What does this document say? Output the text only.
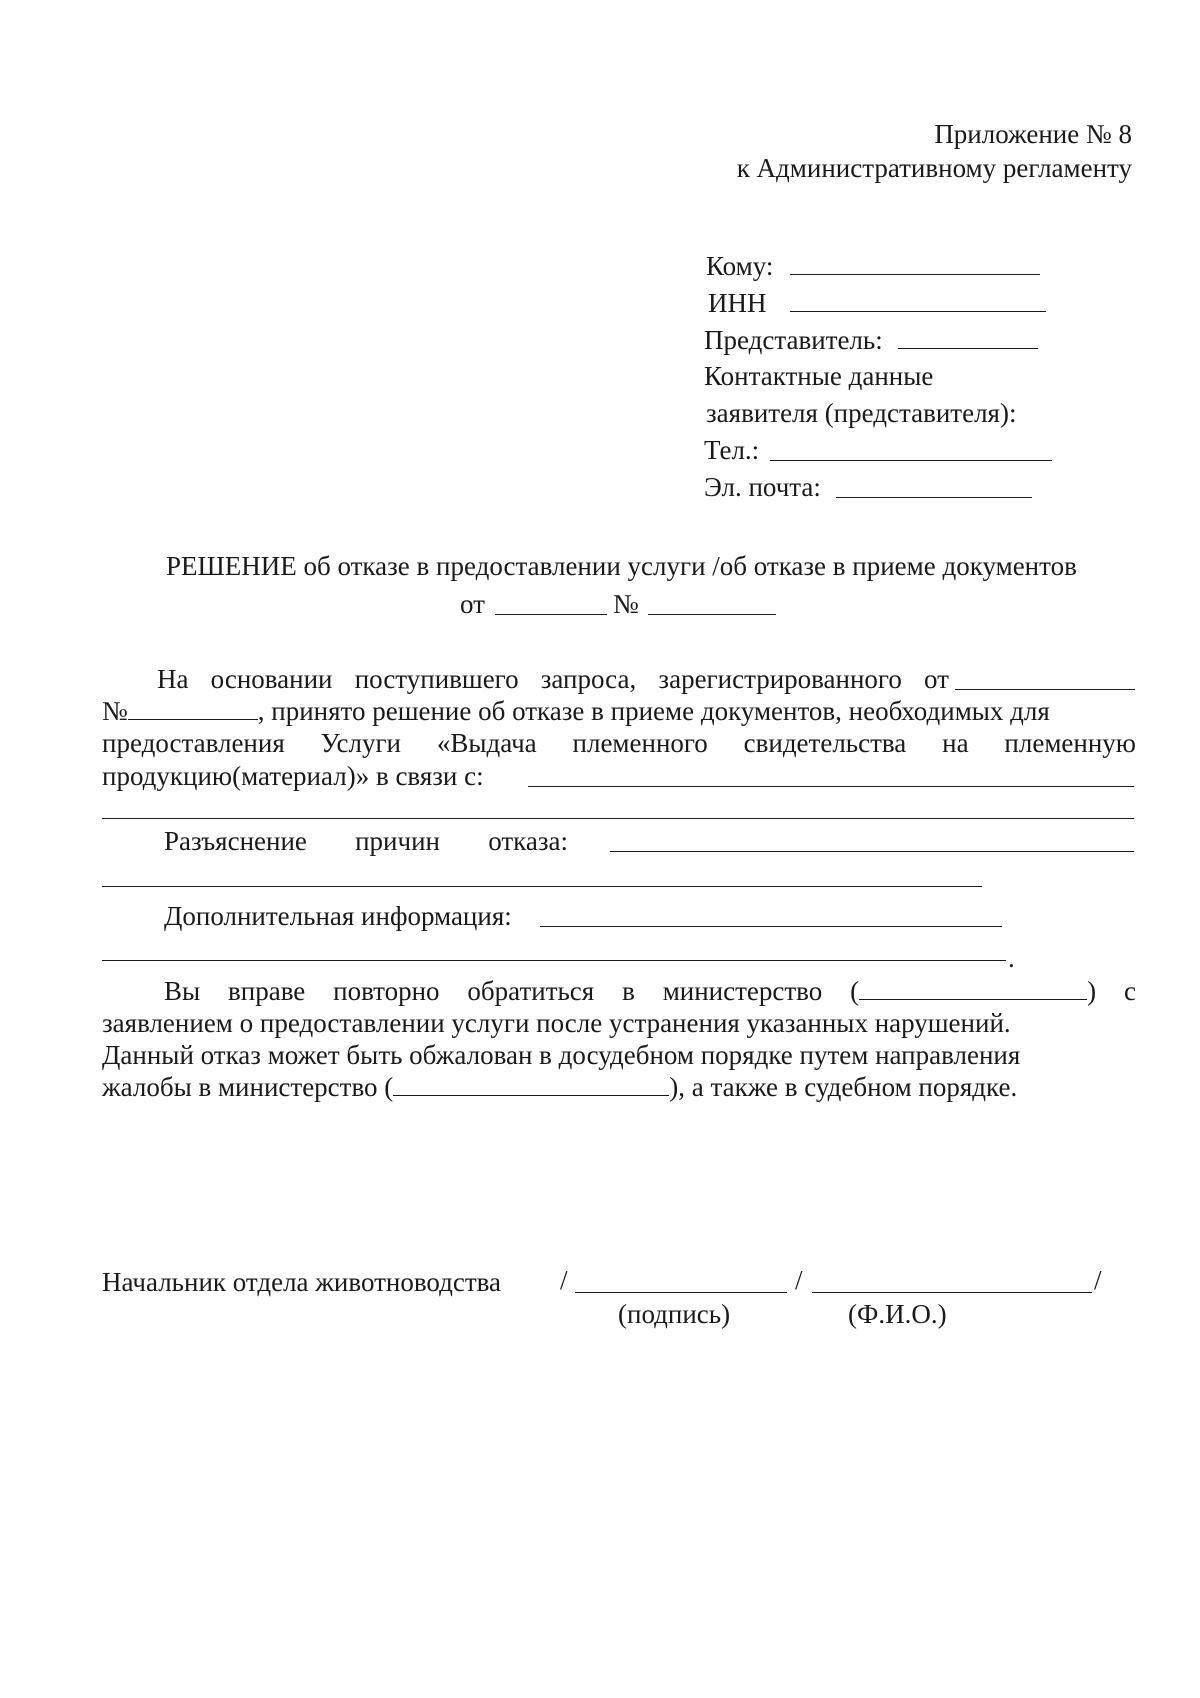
Приложение № 8
к Административному регламенту
Кому:
ИНН
Представитель:
Контактные данные
заявителя (представителя):
Тел.:
Эл. почта:
РЕШЕНИЕ об отказе в предоставлении услуги /об отказе в приеме документов
от	№
На основании поступившего запроса, зарегистрированного от
№	, принято решение об отказе в приеме документов, необходимых для
предоставления Услуги «Выдача племенного свидетельства на племенную
продукцию(материал)» в связи с:
Разъяснение причин отказа:
Дополнительная информация:
.
Вы вправе повторно обратиться в министерство (	) с
заявлением о предоставлении услуги после устранения указанных нарушений.
Данный отказ может быть обжалован в досудебном порядке путем направления
жалобы в министерство (	), а также в судебном порядке.
Начальник отдела животноводства /	/	/
(подпись)	(Ф.И.О.)
